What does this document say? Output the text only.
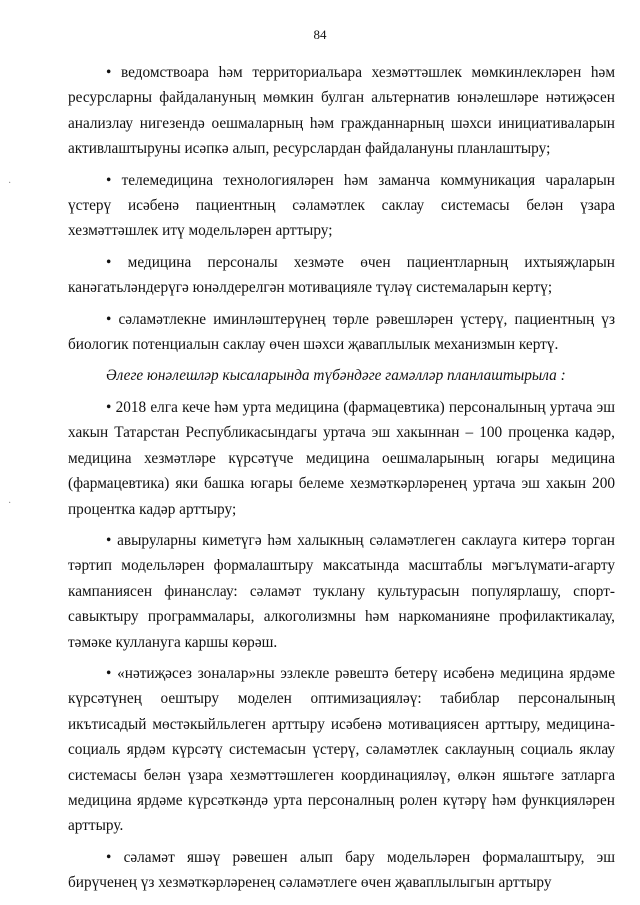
84
·
·

• ведомствоара һәм территориальара хезмәттәшлек мөмкинлекләрен һәм ресурсларны файдалануның мөмкин булган альтернатив юнәлешләре нәтиҗәсен анализлау нигезендә оешмаларның һәм гражданнарның шәхси инициативаларын активлаштыруны исәпкә алып, ресурслардан файдалануны планлаштыру;

• телемедицина технологияләрен һәм заманча коммуникация чараларын үстерү исәбенә пациентның сәламәтлек саклау системасы белән үзара хезмәттәшлек итү модельләрен арттыру;

• медицина персоналы хезмәте өчен пациентларның ихтыяҗларын канәгатьләндерүгә юнәлдерелгән мотивацияле түләү системаларын кертү;

• сәламәтлекне иминләштерүнең төрле рәвешләрен үстерү, пациентның үз биологик потенциалын саклау өчен шәхси җаваплылык механизмын кертү.

Әлеге юнәлешләр кысаларында түбәндәге гамәлләр планлаштырыла :

• 2018 елга кече һәм урта медицина (фармацевтика) персоналының уртача эш хакын Татарстан Республикасындагы уртача эш хакыннан – 100 проценка кадәр, медицина хезмәтләре күрсәтүче медицина оешмаларының югары медицина (фармацевтика) яки башка югары белеме хезмәткәрләренең уртача эш хакын 200 процентка кадәр арттыру;

• авыруларны киметүгә һәм халыкның сәламәтлеген саклауга китерә торган тәртип модельләрен формалаштыру максатында масштаблы мәгълүмати-агарту кампаниясен финанслау: сәламәт туклану культурасын популярлашу, спорт-савыктыру программалары, алкоголизмны һәм наркоманияне профилактикалау, тәмәке куллануга каршы көрәш.

• «нәтиҗәсез зоналар»ны эзлекле рәвештә бетерү исәбенә медицина ярдәме күрсәтүнең оештыру моделен оптимизацияләү: табиблар персоналының икътисадый мөстәкыйльлеген арттыру исәбенә мотивациясен арттыру, медицина-социаль ярдәм күрсәтү системасын үстерү, сәламәтлек саклауның социаль яклау системасы белән үзара хезмәттәшлеген координацияләү, өлкән яшьтәге затларга медицина ярдәме күрсәткәндә урта персоналның ролен күтәрү һәм функцияләрен арттыру.

• сәламәт яшәү рәвешен алып бару модельләрен формалаштыру, эш бирүченең үз хезмәткәрләренең сәламәтлеге өчен җаваплылыгын арттыру
